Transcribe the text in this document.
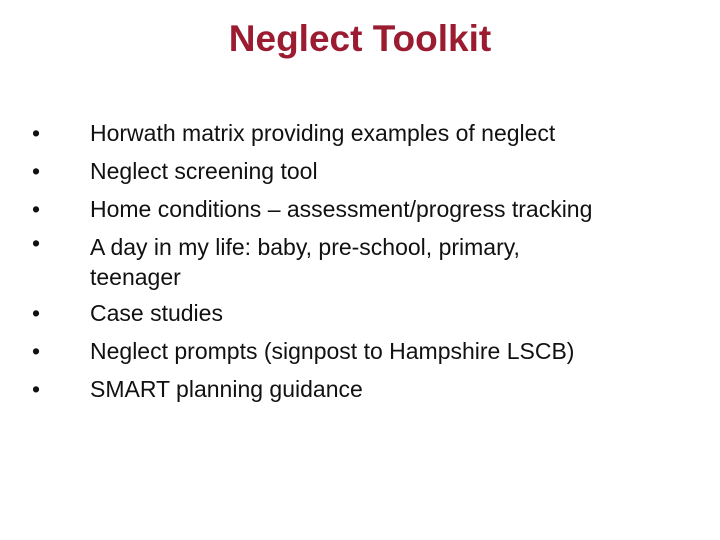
Neglect Toolkit
• Horwath matrix providing examples of neglect
• Neglect screening tool
• Home conditions – assessment/progress tracking
• A day in my life: baby, pre-school, primary, teenager
• Case studies
• Neglect prompts (signpost to Hampshire LSCB)
• SMART planning guidance
